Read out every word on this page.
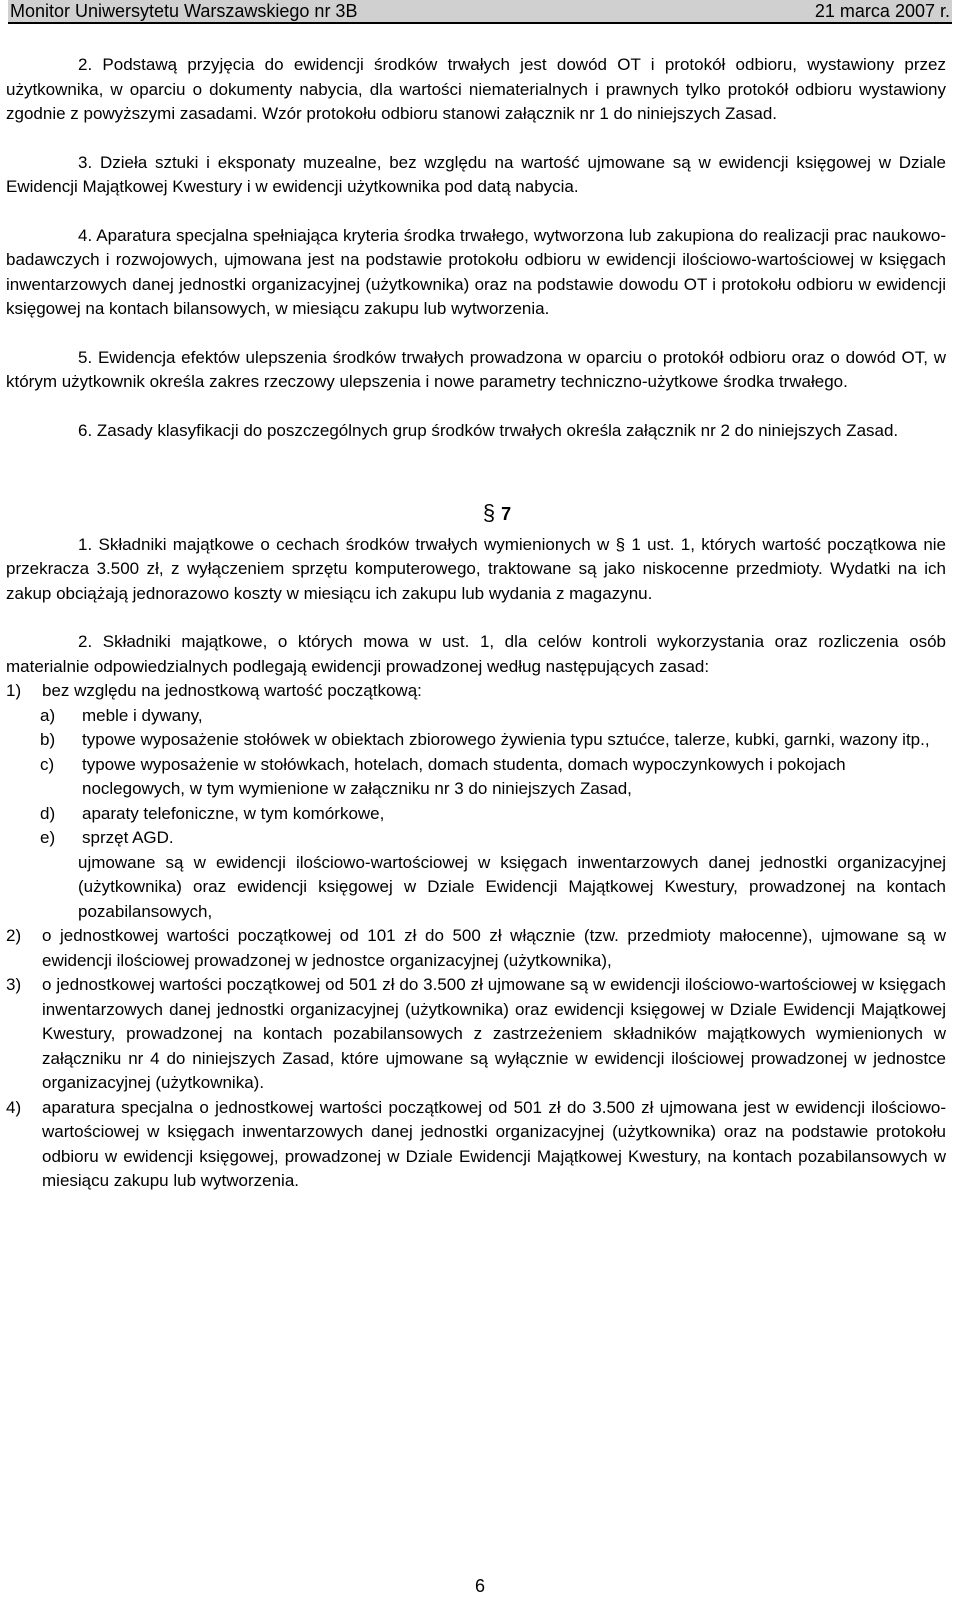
Monitor Uniwersytetu Warszawskiego nr 3B	21 marca 2007 r.

2. Podstawą przyjęcia do ewidencji środków trwałych jest dowód OT i protokół odbioru, wystawiony przez użytkownika, w oparciu o dokumenty nabycia, dla wartości niematerialnych i prawnych tylko protokół odbioru wystawiony zgodnie z powyższymi zasadami. Wzór protokołu odbioru stanowi załącznik nr 1 do niniejszych Zasad.

3. Dzieła sztuki i eksponaty muzealne, bez względu na wartość ujmowane są w ewidencji księgowej w Dziale Ewidencji Majątkowej Kwestury i w ewidencji użytkownika pod datą nabycia.

4. Aparatura specjalna spełniająca kryteria środka trwałego, wytworzona lub zakupiona do realizacji prac naukowo-badawczych i rozwojowych, ujmowana jest na podstawie protokołu odbioru w ewidencji ilościowo-wartościowej w księgach inwentarzowych danej jednostki organizacyjnej (użytkownika) oraz na podstawie dowodu OT i protokołu odbioru w ewidencji księgowej na kontach bilansowych, w miesiącu zakupu lub wytworzenia.

5. Ewidencja efektów ulepszenia środków trwałych prowadzona w oparciu o protokół odbioru oraz o dowód OT, w którym użytkownik określa zakres rzeczowy ulepszenia i nowe parametry techniczno-użytkowe środka trwałego.

6. Zasady klasyfikacji do poszczególnych grup środków trwałych określa załącznik nr 2 do niniejszych Zasad.

§ 7

1. Składniki majątkowe o cechach środków trwałych wymienionych w § 1 ust. 1, których wartość początkowa nie przekracza 3.500 zł, z wyłączeniem sprzętu komputerowego, traktowane są jako niskocenne przedmioty. Wydatki na ich zakup obciążają jednorazowo koszty w miesiącu ich zakupu lub wydania z magazynu.

2. Składniki majątkowe, o których mowa w ust. 1, dla celów kontroli wykorzystania oraz rozliczenia osób materialnie odpowiedzialnych podlegają ewidencji prowadzonej według następujących zasad:

1)	bez względu na jednostkową wartość początkową:
a)	meble i dywany,
b)	typowe wyposażenie stołówek w obiektach zbiorowego żywienia typu sztućce, talerze, kubki, garnki, wazony itp.,
c)	typowe wyposażenie w stołówkach, hotelach, domach studenta, domach wypoczynkowych i pokojach noclegowych, w tym wymienione w załączniku nr 3 do niniejszych Zasad,
d)	aparaty telefoniczne, w tym komórkowe,
e)	sprzęt AGD.

ujmowane są w ewidencji ilościowo-wartościowej w księgach inwentarzowych danej jednostki organizacyjnej (użytkownika) oraz ewidencji księgowej w Dziale Ewidencji Majątkowej Kwestury, prowadzonej na kontach pozabilansowych,

2)	o jednostkowej wartości początkowej od 101 zł do 500 zł włącznie (tzw. przedmioty małocenne), ujmowane są w ewidencji ilościowej prowadzonej w jednostce organizacyjnej (użytkownika),
3)	o jednostkowej wartości początkowej od 501 zł do 3.500 zł ujmowane są w ewidencji ilościowo-wartościowej w księgach inwentarzowych danej jednostki organizacyjnej (użytkownika) oraz ewidencji księgowej w Dziale Ewidencji Majątkowej Kwestury, prowadzonej na kontach pozabilansowych z zastrzeżeniem składników majątkowych wymienionych w załączniku nr 4 do niniejszych Zasad, które ujmowane są wyłącznie w ewidencji ilościowej prowadzonej w jednostce organizacyjnej (użytkownika).
4)	aparatura specjalna o jednostkowej wartości początkowej od 501 zł do 3.500 zł ujmowana jest w ewidencji ilościowo-wartościowej w księgach inwentarzowych danej jednostki organizacyjnej (użytkownika) oraz na podstawie protokołu odbioru w ewidencji księgowej, prowadzonej w Dziale Ewidencji Majątkowej Kwestury, na kontach pozabilansowych w miesiącu zakupu lub wytworzenia.
6
